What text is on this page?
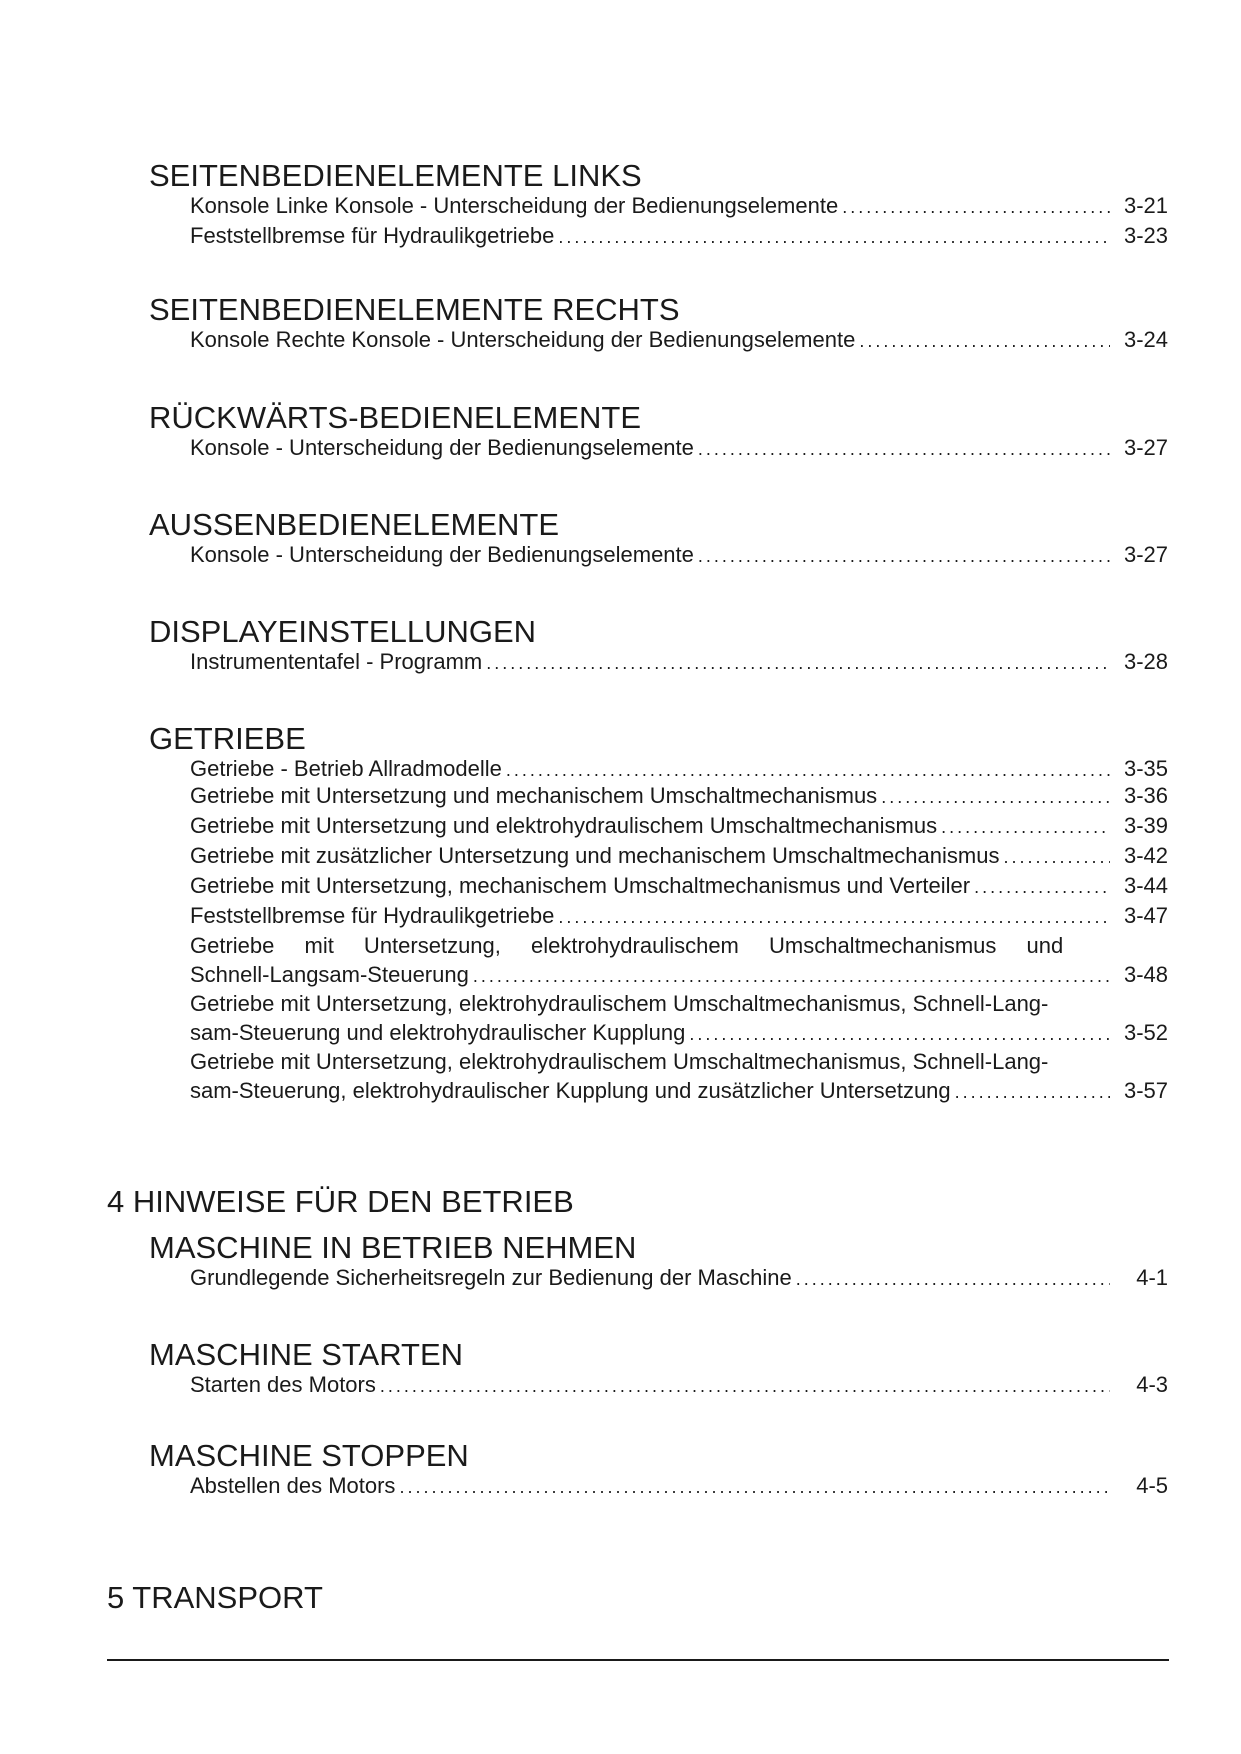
SEITENBEDIENELEMENTE LINKS
Konsole Linke Konsole - Unterscheidung der Bedienungselemente . . .	3-21
Feststellbremse für Hydraulikgetriebe . . .	3-23
SEITENBEDIENELEMENTE RECHTS
Konsole Rechte Konsole - Unterscheidung der Bedienungselemente . . .	3-24
RÜCKWÄRTS-BEDIENELEMENTE
Konsole - Unterscheidung der Bedienungselemente . . .	3-27
AUSSENBEDIENELEMENTE
Konsole - Unterscheidung der Bedienungselemente . . .	3-27
DISPLAYEINSTELLUNGEN
Instrumententafel - Programm . . .	3-28
GETRIEBE
Getriebe - Betrieb Allradmodelle . . .	3-35
Getriebe mit Untersetzung und mechanischem Umschaltmechanismus . . .	3-36
Getriebe mit Untersetzung und elektrohydraulischem Umschaltmechanismus . . .	3-39
Getriebe mit zusätzlicher Untersetzung und mechanischem Umschaltmechanismus . . .	3-42
Getriebe mit Untersetzung, mechanischem Umschaltmechanismus und Verteiler . . .	3-44
Feststellbremse für Hydraulikgetriebe . . .	3-47
Getriebe mit Untersetzung, elektrohydraulischem Umschaltmechanismus und
Schnell-Langsam-Steuerung . . .	3-48
Getriebe mit Untersetzung, elektrohydraulischem Umschaltmechanismus, Schnell-Lang-
sam-Steuerung und elektrohydraulischer Kupplung . . .	3-52
Getriebe mit Untersetzung, elektrohydraulischem Umschaltmechanismus, Schnell-Lang-
sam-Steuerung, elektrohydraulischer Kupplung und zusätzlicher Untersetzung . . .	3-57
4 HINWEISE FÜR DEN BETRIEB
MASCHINE IN BETRIEB NEHMEN
Grundlegende Sicherheitsregeln zur Bedienung der Maschine . . .	4-1
MASCHINE STARTEN
Starten des Motors . . .	4-3
MASCHINE STOPPEN
Abstellen des Motors . . .	4-5
5 TRANSPORT
